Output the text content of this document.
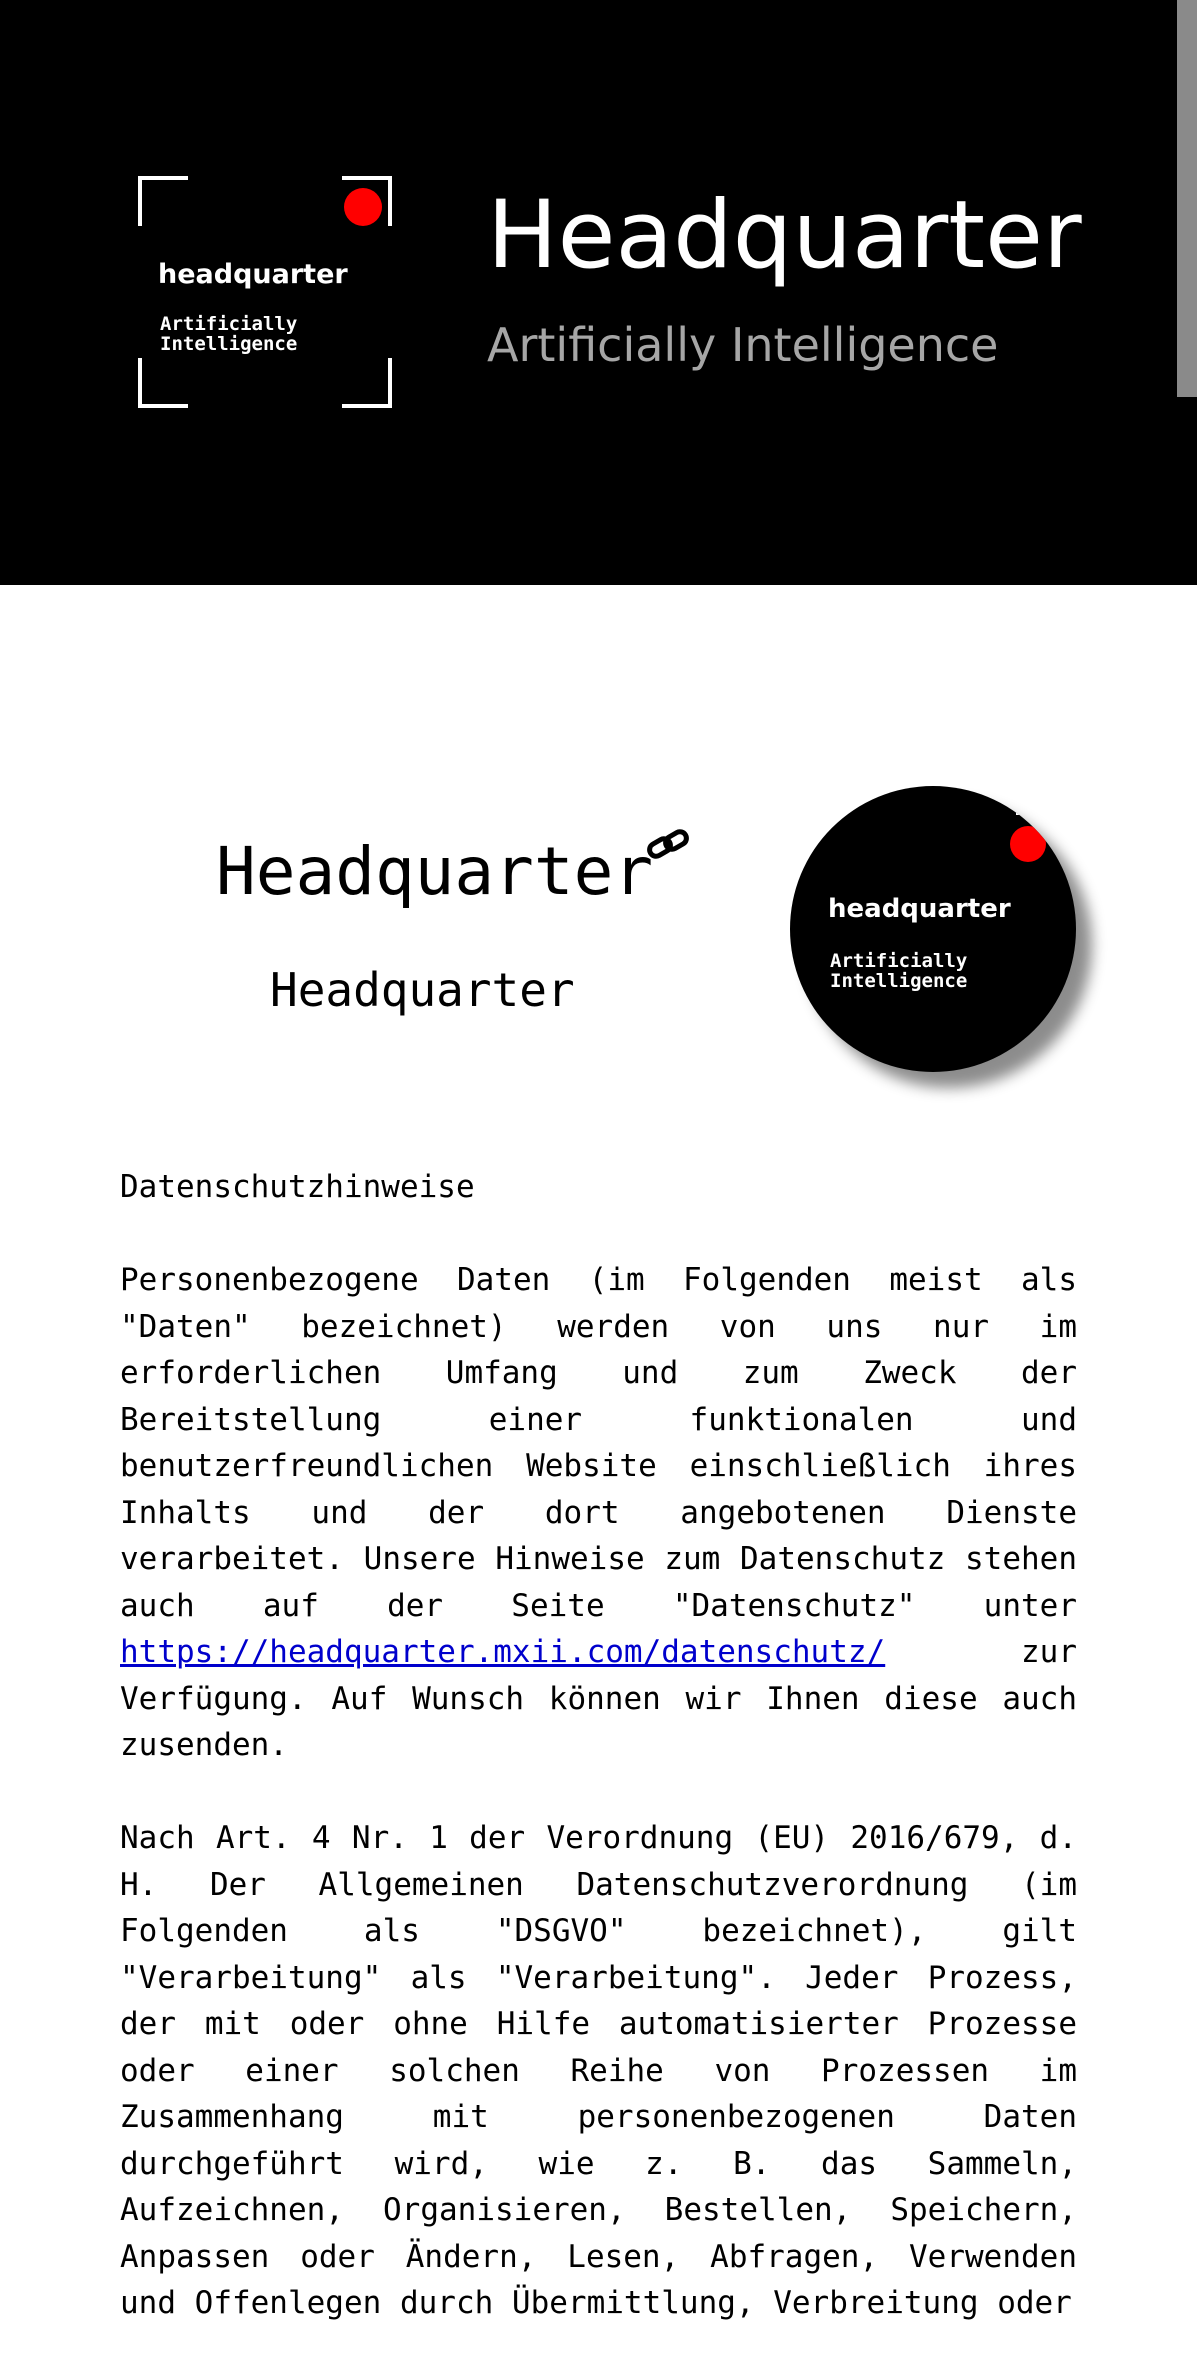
headquarter
Artificially
Intelligence
Headquarter
Artificially Intelligence
Headquarter
Headquarter
headquarter
Artificially
Intelligence

Datenschutzhinweise

Personenbezogene Daten (im Folgenden meist als "Daten" bezeichnet) werden von uns nur im erforderlichen Umfang und zum Zweck der Bereitstellung einer funktionalen und benutzerfreundlichen Website einschließlich ihres Inhalts und der dort angebotenen Dienste verarbeitet. Unsere Hinweise zum Datenschutz stehen auch auf der Seite "Datenschutz" unter https://headquarter.mxii.com/datenschutz/ zur Verfügung. Auf Wunsch können wir Ihnen diese auch zusenden.

Nach Art. 4 Nr. 1 der Verordnung (EU) 2016/679, d. H. Der Allgemeinen Datenschutzverordnung (im Folgenden als "DSGVO" bezeichnet), gilt "Verarbeitung" als "Verarbeitung". Jeder Prozess, der mit oder ohne Hilfe automatisierter Prozesse oder einer solchen Reihe von Prozessen im Zusammenhang mit personenbezogenen Daten durchgeführt wird, wie z. B. das Sammeln, Aufzeichnen, Organisieren, Bestellen, Speichern, Anpassen oder Ändern, Lesen, Abfragen, Verwenden und Offenlegen durch Übermittlung, Verbreitung oder
